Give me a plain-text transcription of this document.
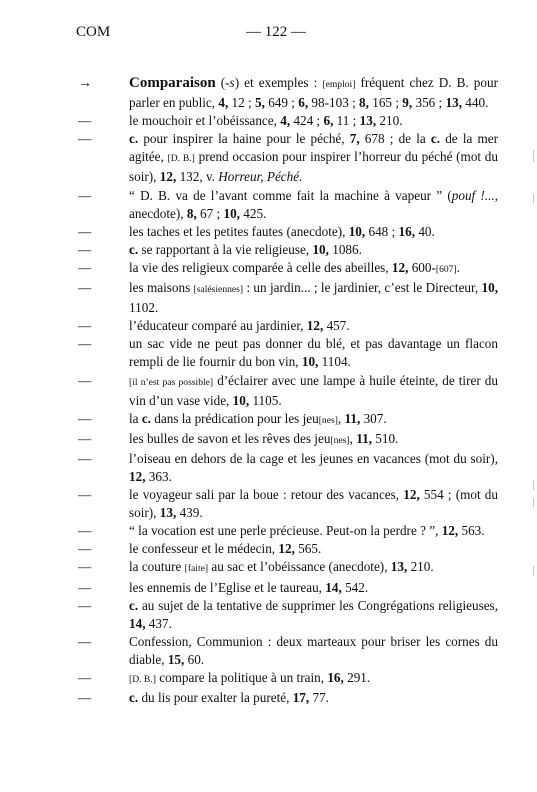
COM	— 122 —
→ Comparaison (-s) et exemples : [emploi] fréquent chez D. B. pour parler en public, 4, 12 ; 5, 649 ; 6, 98-103 ; 8, 165 ; 9, 356 ; 13, 440.
—	le mouchoir et l’obéissance, 4, 424 ; 6, 11 ; 13, 210.
—	c. pour inspirer la haine pour le péché, 7, 678 ; de la c. de la mer agitée, [D. B.] prend occasion pour inspirer l’horreur du péché (mot du soir), 12, 132, v. Horreur, Péché.
—	“ D. B. va de l’avant comme fait la machine à vapeur ” (pouf !..., anecdote), 8, 67 ; 10, 425.
—	les taches et les petites fautes (anecdote), 10, 648 ; 16, 40.
—	c. se rapportant à la vie religieuse, 10, 1086.
—	la vie des religieux comparée à celle des abeilles, 12, 600-[607].
—	les maisons [salésiennes] : un jardin... ; le jardinier, c’est le Directeur, 10, 1102.
—	l’éducateur comparé au jardinier, 12, 457.
—	un sac vide ne peut pas donner du blé, et pas davantage un flacon rempli de lie fournir du bon vin, 10, 1104.
—	[il n’est pas possible] d’éclairer avec une lampe à huile éteinte, de tirer du vin d’un vase vide, 10, 1105.
—	la c. dans la prédication pour les jeu[nes], 11, 307.
—	les bulles de savon et les rêves des jeu[nes], 11, 510.
—	l’oiseau en dehors de la cage et les jeunes en vacances (mot du soir), 12, 363.
—	le voyageur sali par la boue : retour des vacances, 12, 554 ; (mot du soir), 13, 439.
—	“ la vocation est une perle précieuse. Peut-on la perdre ? ”, 12, 563.
—	le confesseur et le médecin, 12, 565.
—	la couture [faite] au sac et l’obéissance (anecdote), 13, 210.
—	les ennemis de l’Eglise et le taureau, 14, 542.
—	c. au sujet de la tentative de supprimer les Congrégations religieuses, 14, 437.
—	Confession, Communion : deux marteaux pour briser les cornes du diable, 15, 60.
—	[D. B.] compare la politique à un train, 16, 291.
—	c. du lis pour exalter la pureté, 17, 77.
